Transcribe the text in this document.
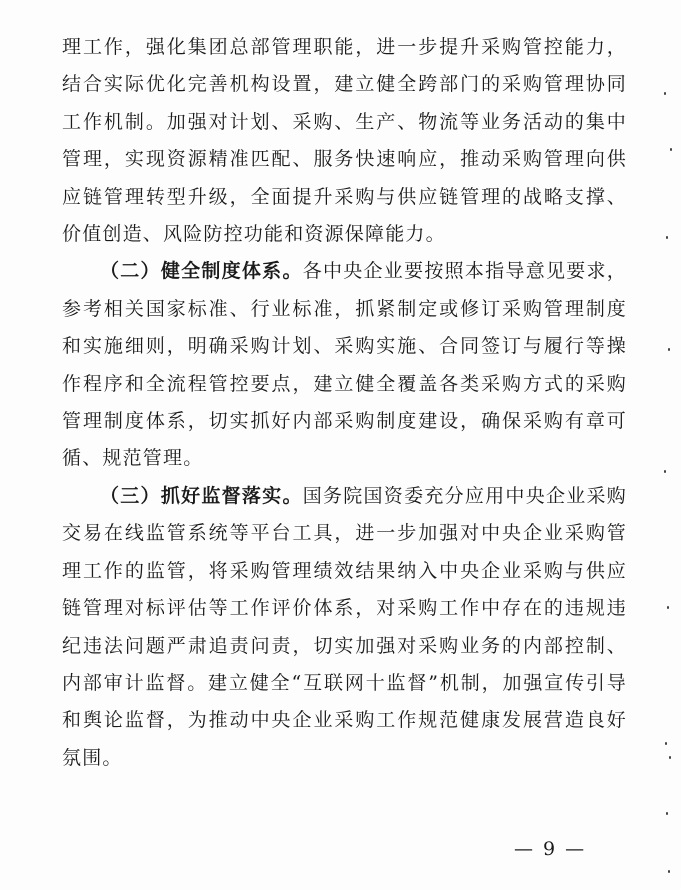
理工作，强化集团总部管理职能，进一步提升采购管控能力，结合实际优化完善机构设置，建立健全跨部门的采购管理协同工作机制。加强对计划、采购、生产、物流等业务活动的集中管理，实现资源精准匹配、服务快速响应，推动采购管理向供应链管理转型升级，全面提升采购与供应链管理的战略支撑、价值创造、风险防控功能和资源保障能力。

（二）健全制度体系。各中央企业要按照本指导意见要求，参考相关国家标准、行业标准，抓紧制定或修订采购管理制度和实施细则，明确采购计划、采购实施、合同签订与履行等操作程序和全流程管控要点，建立健全覆盖各类采购方式的采购管理制度体系，切实抓好内部采购制度建设，确保采购有章可循、规范管理。

（三）抓好监督落实。国务院国资委充分应用中央企业采购交易在线监管系统等平台工具，进一步加强对中央企业采购管理工作的监管，将采购管理绩效结果纳入中央企业采购与供应链管理对标评估等工作评价体系，对采购工作中存在的违规违纪违法问题严肃追责问责，切实加强对采购业务的内部控制、内部审计监督。建立健全“互联网十监督”机制，加强宣传引导和舆论监督，为推动中央企业采购工作规范健康发展营造良好氛围。

— 9 —
